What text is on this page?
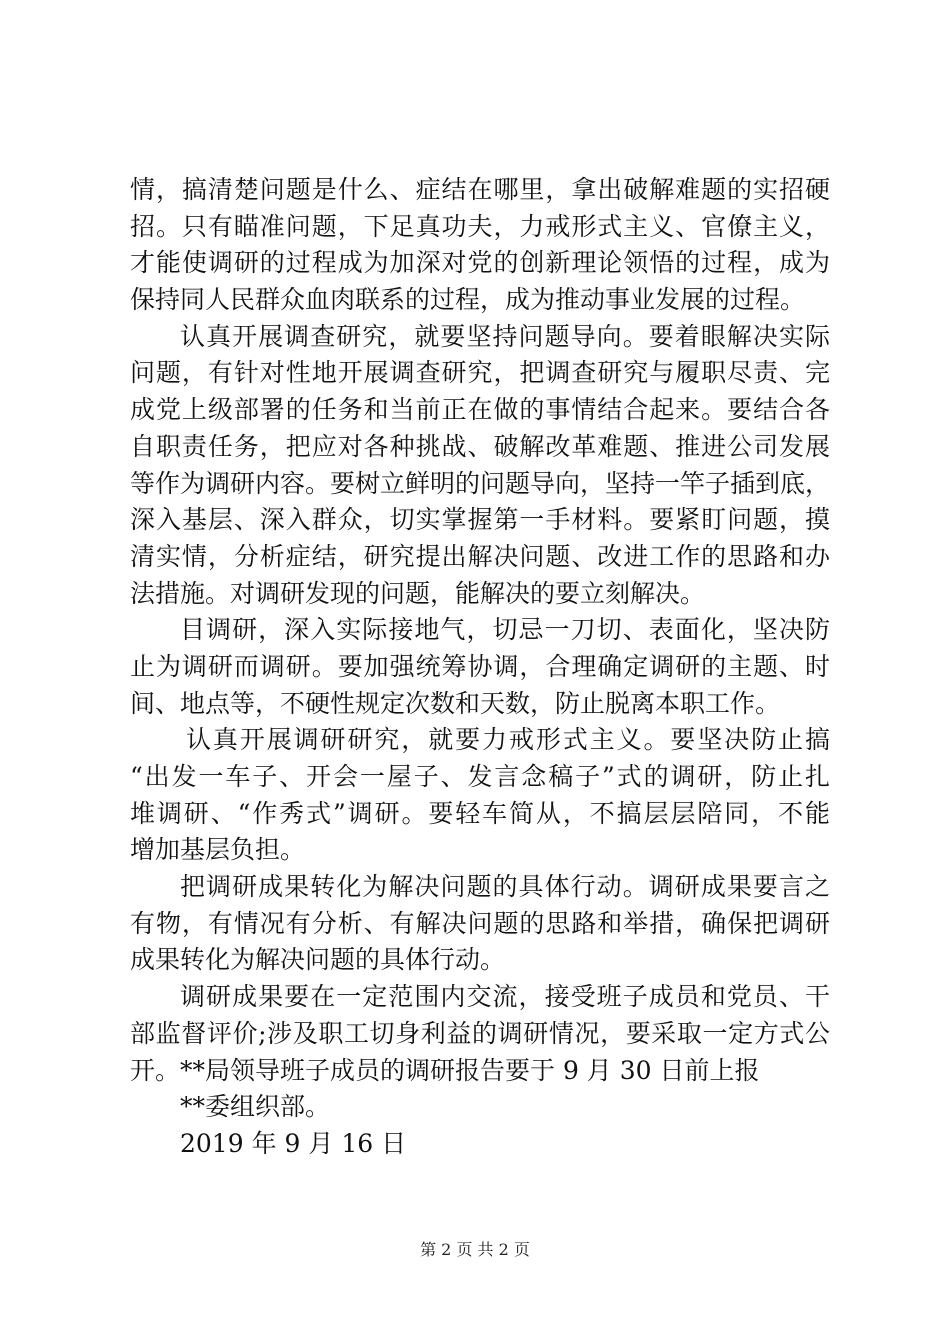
情，搞清楚问题是什么、症结在哪里，拿出破解难题的实招硬
招。只有瞄准问题，下足真功夫，力戒形式主义、官僚主义，
才能使调研的过程成为加深对党的创新理论领悟的过程，成为
保持同人民群众血肉联系的过程，成为推动事业发展的过程。
认真开展调查研究，就要坚持问题导向。要着眼解决实际
问题，有针对性地开展调查研究，把调查研究与履职尽责、完
成党上级部署的任务和当前正在做的事情结合起来。要结合各
自职责任务，把应对各种挑战、破解改革难题、推进公司发展
等作为调研内容。要树立鲜明的问题导向，坚持一竿子插到底，
深入基层、深入群众，切实掌握第一手材料。要紧盯问题，摸
清实情，分析症结，研究提出解决问题、改进工作的思路和办
法措施。对调研发现的问题，能解决的要立刻解决。
目调研，深入实际接地气，切忌一刀切、表面化，坚决防
止为调研而调研。要加强统筹协调，合理确定调研的主题、时
间、地点等，不硬性规定次数和天数，防止脱离本职工作。
认真开展调研研究，就要力戒形式主义。要坚决防止搞
“出发一车子、开会一屋子、发言念稿子”式的调研，防止扎
堆调研、“作秀式”调研。要轻车简从，不搞层层陪同，不能
增加基层负担。
把调研成果转化为解决问题的具体行动。调研成果要言之
有物，有情况有分析、有解决问题的思路和举措，确保把调研
成果转化为解决问题的具体行动。
调研成果要在一定范围内交流，接受班子成员和党员、干
部监督评价;涉及职工切身利益的调研情况，要采取一定方式公
开。**局领导班子成员的调研报告要于 9 月 30 日前上报
**委组织部。
2019 年 9 月 16 日
第 2 页 共 2 页
